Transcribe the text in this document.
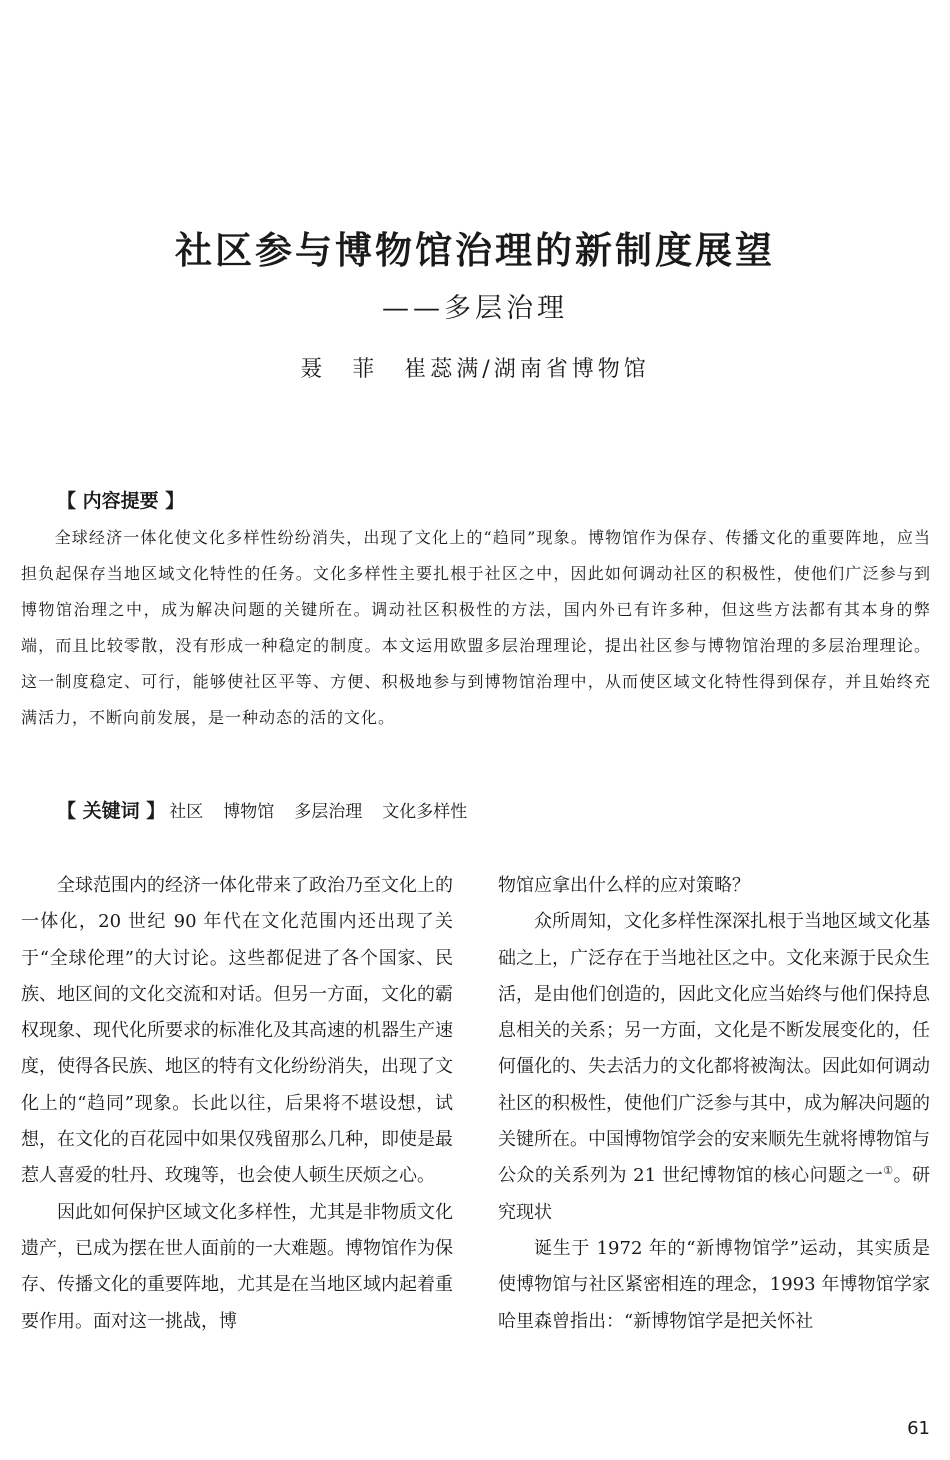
社区参与博物馆治理的新制度展望
——多层治理
聂　菲　崔蕊满/湖南省博物馆
【 内容提要 】

全球经济一体化使文化多样性纷纷消失，出现了文化上的“趋同”现象。博物馆作为保存、传播文化的重要阵地，应当担负起保存当地区域文化特性的任务。文化多样性主要扎根于社区之中，因此如何调动社区的积极性，使他们广泛参与到博物馆治理之中，成为解决问题的关键所在。调动社区积极性的方法，国内外已有许多种，但这些方法都有其本身的弊端，而且比较零散，没有形成一种稳定的制度。本文运用欧盟多层治理理论，提出社区参与博物馆治理的多层治理理论。这一制度稳定、可行，能够使社区平等、方便、积极地参与到博物馆治理中，从而使区域文化特性得到保存，并且始终充满活力，不断向前发展，是一种动态的活的文化。

【 关键词 】 社区 博物馆 多层治理 文化多样性

全球范围内的经济一体化带来了政治乃至文化上的一体化，20 世纪 90 年代在文化范围内还出现了关于“全球伦理”的大讨论。这些都促进了各个国家、民族、地区间的文化交流和对话。但另一方面，文化的霸权现象、现代化所要求的标准化及其高速的机器生产速度，使得各民族、地区的特有文化纷纷消失，出现了文化上的“趋同”现象。长此以往，后果将不堪设想，试想，在文化的百花园中如果仅残留那么几种，即使是最惹人喜爱的牡丹、玫瑰等，也会使人顿生厌烦之心。

因此如何保护区域文化多样性，尤其是非物质文化遗产，已成为摆在世人面前的一大难题。博物馆作为保存、传播文化的重要阵地，尤其是在当地区域内起着重要作用。面对这一挑战，博

物馆应拿出什么样的应对策略？

众所周知，文化多样性深深扎根于当地区域文化基础之上，广泛存在于当地社区之中。文化来源于民众生活，是由他们创造的，因此文化应当始终与他们保持息息相关的关系；另一方面，文化是不断发展变化的，任何僵化的、失去活力的文化都将被淘汰。因此如何调动社区的积极性，使他们广泛参与其中，成为解决问题的关键所在。中国博物馆学会的安来顺先生就将博物馆与公众的关系列为 21 世纪博物馆的核心问题之一①。研究现状

诞生于 1972 年的“新博物馆学”运动，其实质是使博物馆与社区紧密相连的理念，1993 年博物馆学家哈里森曾指出：“新博物馆学是把关怀社

61
